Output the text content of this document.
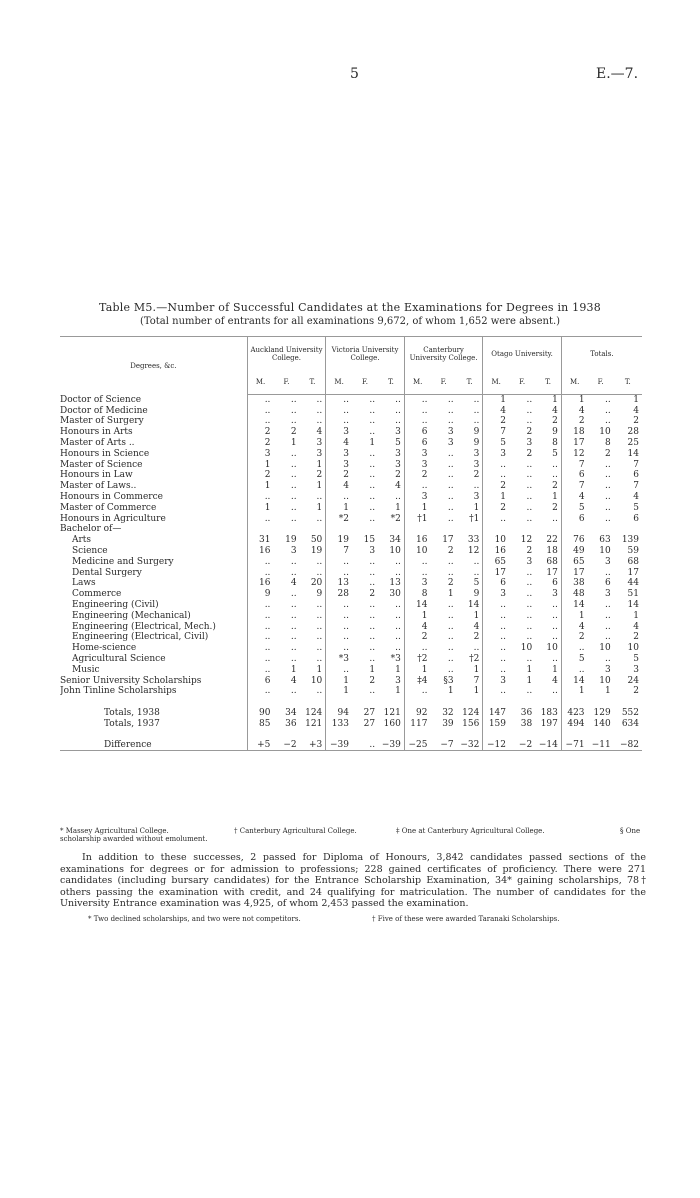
5	E.—7.
Table M5.—Number of Successful Candidates at the Examinations for Degrees in 1938
(Total number of entrants for all examinations 9,672, of whom 1,652 were absent.)
Degrees, &c.	Auckland University College.			Victoria University College.			Canterbury University College.			Otago University.			Totals.		
	M.	F.	T.	M.	F.	T.	M.	F.	T.	M.	F.	T.	M.	F.	T.
Doctor of Science	..	..	..	..	..	..	..	..	..	1	..	1	1	..	1
Doctor of Medicine	..	..	..	..	..	..	..	..	..	4	..	4	4	..	4
Master of Surgery	..	..	..	..	..	..	..	..	..	2	..	2	2	..	2
Honours in Arts	2	2	4	3	..	3	6	3	9	7	2	9	18	10	28
Master of Arts ..	2	1	3	4	1	5	6	3	9	5	3	8	17	8	25
Honours in Science	3	..	3	3	..	3	3	..	3	3	2	5	12	2	14
Master of Science	1	..	1	3	..	3	3	..	3	..	..	..	7	..	7
Honours in Law	2	..	2	2	..	2	2	..	2	..	..	..	6	..	6
Master of Laws..	1	..	1	4	..	4	..	..	..	2	..	2	7	..	7
Honours in Commerce	..	..	..	..	..	..	3	..	3	1	..	1	4	..	4
Master of Commerce	1	..	1	1	..	1	1	..	1	2	..	2	5	..	5
Honours in Agriculture	..	..	..	*2	..	*2	†1	..	†1	..	..	..	6	..	6
Bachelor of—															
Arts	31	19	50	19	15	34	16	17	33	10	12	22	76	63	139
Science	16	3	19	7	3	10	10	2	12	16	2	18	49	10	59
Medicine and Surgery	..	..	..	..	..	..	..	..	..	65	3	68	65	3	68
Dental Surgery	..	..	..	..	..	..	..	..	..	17	..	17	17	..	17
Laws	16	4	20	13	..	13	3	2	5	6	..	6	38	6	44
Commerce	9	..	9	28	2	30	8	1	9	3	..	3	48	3	51
Engineering (Civil)	..	..	..	..	..	..	14	..	14	..	..	..	14	..	14
Engineering (Mechanical)	..	..	..	..	..	..	1	..	1	..	..	..	1	..	1
Engineering (Electrical, Mech.)	..	..	..	..	..	..	4	..	4	..	..	..	4	..	4
Engineering (Electrical, Civil)	..	..	..	..	..	..	2	..	2	..	..	..	2	..	2
Home-science	..	..	..	..	..	..	..	..	..	..	10	10	..	10	10
Agricultural Science	..	..	..	*3	..	*3	†2	..	†2	..	..	..	5	..	5
Music	..	1	1	..	1	1	1	..	1	..	1	1	..	3	3
Senior University Scholarships	6	4	10	1	2	3	‡4	§3	7	3	1	4	14	10	24
John Tinline Scholarships	..	..	..	1	..	1	..	1	1	..	..	..	1	1	2

Totals, 1938	90	34	124	94	27	121	92	32	124	147	36	183	423	129	552
Totals, 1937	85	36	121	133	27	160	117	39	156	159	38	197	494	140	634

Difference	+5	−2	+3	−39	..	−39	−25	−7	−32	−12	−2	−14	−71	−11	−82
* Massey Agricultural College.
scholarship awarded without emolument.
† Canterbury Agricultural College.	‡ One at Canterbury Agricultural College.	§ One
In addition to these successes, 2 passed for Diploma of Honours, 3,842 candidates passed sections of the examinations for degrees or for admission to professions; 228 gained certificates of proficiency. There were 271 candidates (including bursary candidates) for the Entrance Scholarship Examination, 34* gaining scholarships, 78† others passing the examination with credit, and 24 qualifying for matriculation. The number of candidates for the University Entrance examination was 4,925, of whom 2,453 passed the examination.
* Two declined scholarships, and two were not competitors.	† Five of these were awarded Taranaki Scholarships.
